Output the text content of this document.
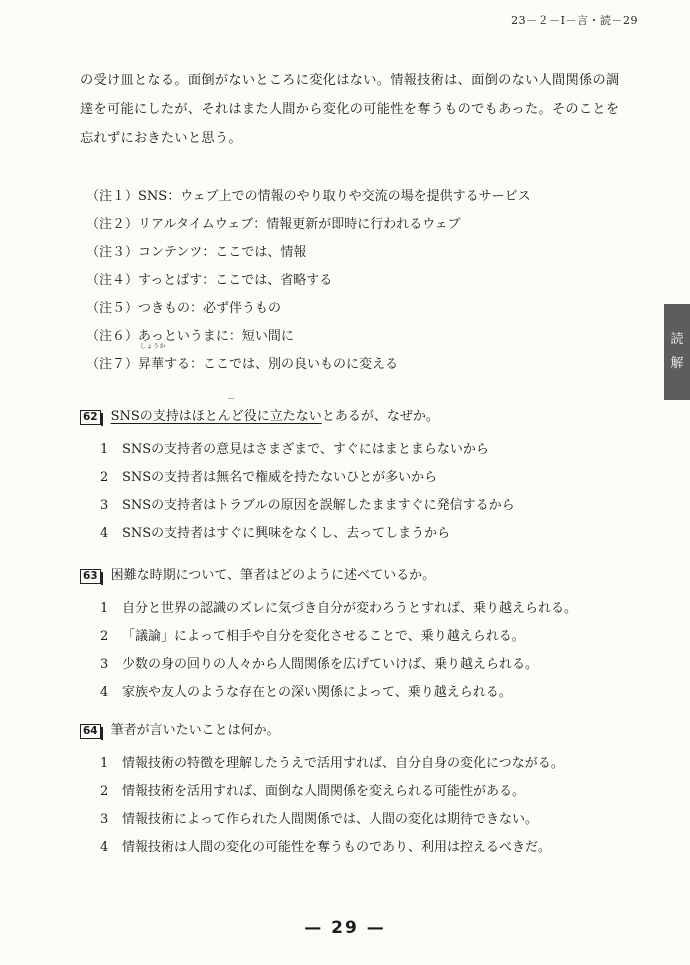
23－２－Ⅰ－言・読－29

の受け皿となる。面倒がないところに変化はない。情報技術は、面倒のない人間関係の調

達を可能にしたが、それはまた人間から変化の可能性を奪うものでもあった。そのことを

忘れずにおきたいと思う。

（注１）SNS：ウェブ上での情報のやり取りや交流の場を提供するサービス
（注２）リアルタイムウェブ：情報更新が即時に行われるウェブ
（注３）コンテンツ：ここでは、情報
（注４）すっとばす：ここでは、省略する
（注５）つきもの：必ず伴うもの
（注６）あっというまに：短い間に
（注７）
しょうか
昇華する：ここでは、別の良いものに変える
読
解
62 SNSの支持はほとんど役に立たない とあるが、なぜか。
1 SNSの支持者の意見はさまざまで、すぐにはまとまらないから
2 SNSの支持者は無名で権威を持たないひとが多いから
3 SNSの支持者はトラブルの原因を誤解したまますぐに発信するから
4 SNSの支持者はすぐに興味をなくし、去ってしまうから
63 困難な時期について、筆者はどのように述べているか。
1 自分と世界の認識のズレに気づき自分が変わろうとすれば、乗り越えられる。
2 「議論」によって相手や自分を変化させることで、乗り越えられる。
3 少数の身の回りの人々から人間関係を広げていけば、乗り越えられる。
4 家族や友人のような存在との深い関係によって、乗り越えられる。
64 筆者が言いたいことは何か。
1 情報技術の特徴を理解したうえで活用すれば、自分自身の変化につながる。
2 情報技術を活用すれば、面倒な人間関係を変えられる可能性がある。
3 情報技術によって作られた人間関係では、人間の変化は期待できない。
4 情報技術は人間の変化の可能性を奪うものであり、利用は控えるべきだ。
— 29 —
